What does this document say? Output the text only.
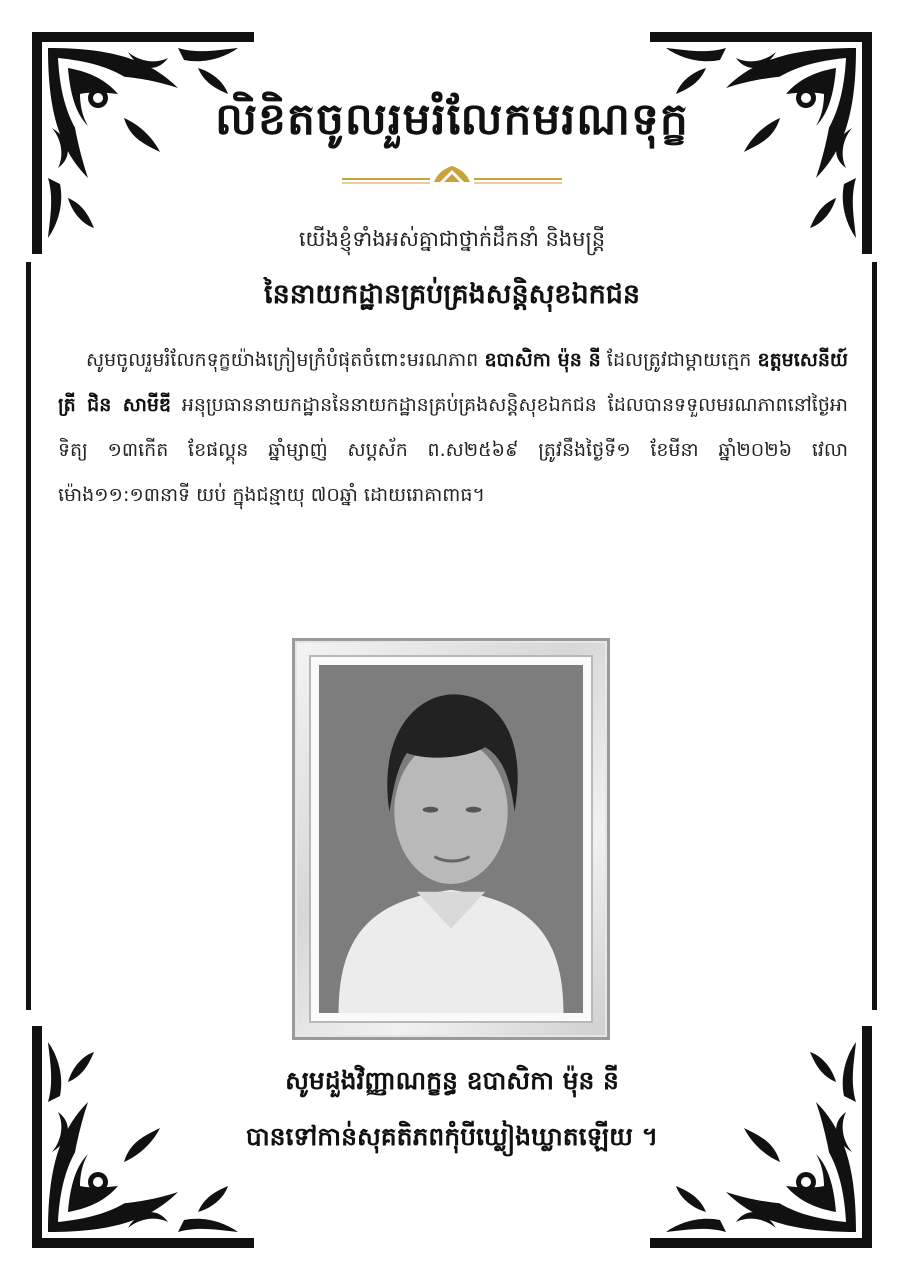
លិខិតចូលរួមរំលែកមរណទុក្ខ
យើងខ្ញុំទាំងអស់គ្នាជាថ្នាក់ដឹកនាំ និងមន្ត្រី
នៃនាយកដ្ឋានគ្រប់គ្រងសន្តិសុខឯកជន

សូមចូលរួមរំលែកទុក្ខយ៉ាងក្រៀមក្រំបំផុតចំពោះមរណភាព ឧបាសិកា ម៉ុន នី ដែលត្រូវជាម្តាយក្មេក ឧត្តមសេនីយ៍ត្រី ជិន សាមីឌី អនុប្រធាននាយកដ្ឋាននៃនាយកដ្ឋានគ្រប់គ្រងសន្តិសុខឯកជន ដែលបានទទួលមរណភាពនៅថ្ងៃអាទិត្យ ១៣កើត ខែផល្គុន ឆ្នាំម្សាញ់ សប្តស័ក ព.ស២៥៦៩ ត្រូវនឹងថ្ងៃទី១ ខែមីនា ឆ្នាំ២០២៦ វេលាម៉ោង១១:១៣នាទី យប់ ក្នុងជន្មាយុ ៧០ឆ្នាំ ដោយរោគាពាធ។

សូមដួងវិញ្ញាណក្ខន្ធ ឧបាសិកា ម៉ុន នី
បានទៅកាន់សុគតិភពកុំបីឃ្លៀងឃ្លាតឡើយ ។
